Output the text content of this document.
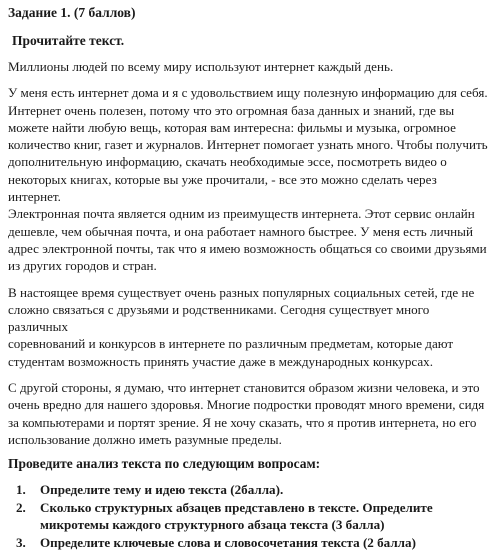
Задание 1. (7 баллов)

Прочитайте текст.

Миллионы людей по всему миру используют интернет каждый день.

У меня есть интернет дома и я с удовольствием ищу полезную информацию для себя.
Интернет очень полезен, потому что это огромная база данных и знаний, где вы
можете найти любую вещь, которая вам интересна: фильмы и музыка, огромное
количество книг, газет и журналов. Интернет помогает узнать много. Чтобы получить
дополнительную информацию, скачать необходимые эссе, посмотреть видео о
некоторых книгах, которые вы уже прочитали, - все это можно сделать через интернет.
Электронная почта является одним из преимуществ интернета. Этот сервис онлайн
дешевле, чем обычная почта, и она работает намного быстрее. У меня есть личный
адрес электронной почты, так что я имею возможность общаться со своими друзьями
из других городов и стран.

В настоящее время существует очень разных популярных социальных сетей, где не
сложно связаться с друзьями и родственниками. Сегодня существует много различных
соревнований и конкурсов в интернете по различным предметам, которые дают
студентам возможность принять участие даже в международных конкурсах.

С другой стороны, я думаю, что интернет становится образом жизни человека, и это
очень вредно для нашего здоровья. Многие подростки проводят много времени, сидя
за компьютерами и портят зрение. Я не хочу сказать, что я против интернета, но его
использование должно иметь разумные пределы.

Проведите анализ текста по следующим вопросам:

1.	Определите тему и идею текста (2балла).
2.	Сколько структурных абзацев представлено в тексте. Определите
микротемы каждого структурного абзаца текста (3 балла)
3.	Определите ключевые слова и словосочетания текста (2 балла)
